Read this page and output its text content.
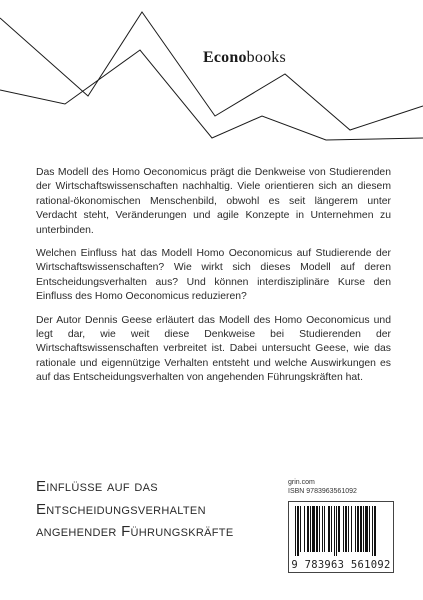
Econobooks

Das Modell des Homo Oeconomicus prägt die Denkweise von Studierenden der Wirtschaftswissenschaften nachhaltig. Viele orientieren sich an diesem rational-ökonomischen Menschenbild, obwohl es seit längerem unter Verdacht steht, Veränderungen und agile Konzepte in Unternehmen zu unterbinden.

Welchen Einfluss hat das Modell Homo Oeconomicus auf Studierende der Wirtschaftswissenschaften? Wie wirkt sich dieses Modell auf deren Entscheidungsverhalten aus? Und können interdisziplinäre Kurse den Einfluss des Homo Oeconomicus reduzieren?

Der Autor Dennis Geese erläutert das Modell des Homo Oeconomicus und legt dar, wie weit diese Denkweise bei Studierenden der Wirtschaftswissenschaften verbreitet ist. Dabei untersucht Geese, wie das rationale und eigennützige Verhalten entsteht und welche Auswirkungen es auf das Entscheidungsverhalten von angehenden Führungskräften hat.

Einflüsse auf das
Entscheidungsverhalten
angehender Führungskräfte
grin.com
ISBN 9783963561092
9 783963 561092
